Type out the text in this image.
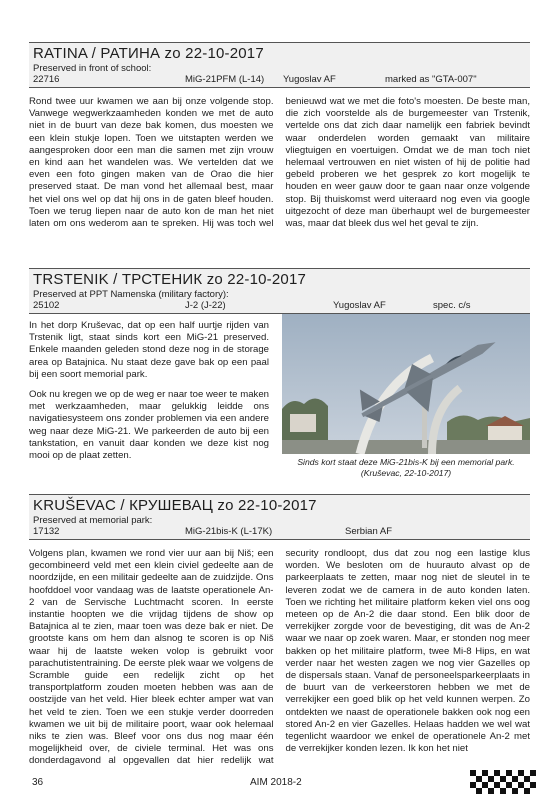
RATINA / РАТИНА zo 22-10-2017
Preserved in front of school:
22716	MiG-21PFM (L-14) Yugoslav AF	marked as "GTA-007"

Rond twee uur kwamen we aan bij onze volgende stop. Vanwege wegwerkzaamheden konden we met de auto niet in de buurt van deze bak komen, dus moesten we een klein stukje lopen. Toen we uitstapten werden we aangesproken door een man die samen met zijn vrouw en kind aan het wandelen was. We vertelden dat we even een foto gingen maken van de Orao die hier preserved staat. De man vond het allemaal best, maar het viel ons wel op dat hij ons in de gaten bleef houden. Toen we terug liepen naar de auto kon de man het niet laten om ons wederom aan te spreken. Hij was toch wel benieuwd wat we met die foto's moesten. De beste man, die zich voorstelde als de burgemeester van Trstenik, vertelde ons dat zich daar namelijk een fabriek bevindt waar onderdelen worden gemaakt van militaire vliegtuigen en voertuigen. Omdat we de man toch niet helemaal vertrouwen en niet wisten of hij de politie had gebeld proberen we het gesprek zo kort mogelijk te houden en weer gauw door te gaan naar onze volgende stop. Bij thuiskomst werd uiteraard nog even via google uitgezocht of deze man überhaupt wel de burgemeester was, maar dat bleek dus wel het geval te zijn.

TRSTENIK / ТРСТЕНИК zo 22-10-2017
Preserved at PPT Namenska (military factory):
25102	J-2 (J-22)	Yugoslav AF	spec. c/s

In het dorp Kruševac, dat op een half uurtje rijden van Trstenik ligt, staat sinds kort een MiG-21 preserved. Enkele maanden geleden stond deze nog in de storage area op Batajnica. Nu staat deze gave bak op een paal bij een soort memorial park.

Ook nu kregen we op de weg er naar toe weer te maken met werkzaamheden, maar gelukkig leidde ons navigatiesysteem ons zonder problemen via een andere weg naar deze MiG-21. We parkeerden de auto bij een tankstation, en vanuit daar konden we deze kist nog mooi op de plaat zetten.

Sinds kort staat deze MiG-21bis-K bij een memorial park.
(Kruševac, 22-10-2017)
KRUŠEVAC / КРУШЕВАЦ zo 22-10-2017
Preserved at memorial park:
17132	MiG-21bis-K (L-17K)	Serbian AF

Volgens plan, kwamen we rond vier uur aan bij Niš; een gecombineerd veld met een klein civiel gedeelte aan de noordzijde, en een militair gedeelte aan de zuidzijde. Ons hoofddoel voor vandaag was de laatste operationele An-2 van de Servische Luchtmacht scoren. In eerste instantie hoopten we die vrijdag tijdens de show op Batajnica al te zien, maar toen was deze bak er niet. De grootste kans om hem dan alsnog te scoren is op Niš waar hij de laatste weken volop is gebruikt voor parachutistentraining. De eerste plek waar we volgens de Scramble guide een redelijk zicht op het transportplatform zouden moeten hebben was aan de oostzijde van het veld. Hier bleek echter amper wat van het veld te zien. Toen we een stukje verder doorreden kwamen we uit bij de militaire poort, waar ook helemaal niks te zien was. Bleef voor ons dus nog maar één mogelijkheid over, de civiele terminal. Het was ons donderdagavond al opgevallen dat hier redelijk wat security rondloopt, dus dat zou nog een lastige klus worden. We besloten om de huurauto alvast op de parkeerplaats te zetten, maar nog niet de sleutel in te leveren zodat we de camera in de auto konden laten. Toen we richting het militaire platform keken viel ons oog meteen op de An-2 die daar stond. Een blik door de verrekijker zorgde voor de bevestiging, dit was de An-2 waar we naar op zoek waren. Maar, er stonden nog meer bakken op het militaire platform, twee Mi-8 Hips, en wat verder naar het westen zagen we nog vier Gazelles op de dispersals staan. Vanaf de personeelsparkeerplaats in de buurt van de verkeerstoren hebben we met de verrekijker een goed blik op het veld kunnen werpen. Zo ontdekten we naast de operationele bakken ook nog een stored An-2 en vier Gazelles. Helaas hadden we wel wat tegenlicht waardoor we enkel de operationele An-2 met de verrekijker konden lezen. Ik kon het niet

36	AIM 2018-2
